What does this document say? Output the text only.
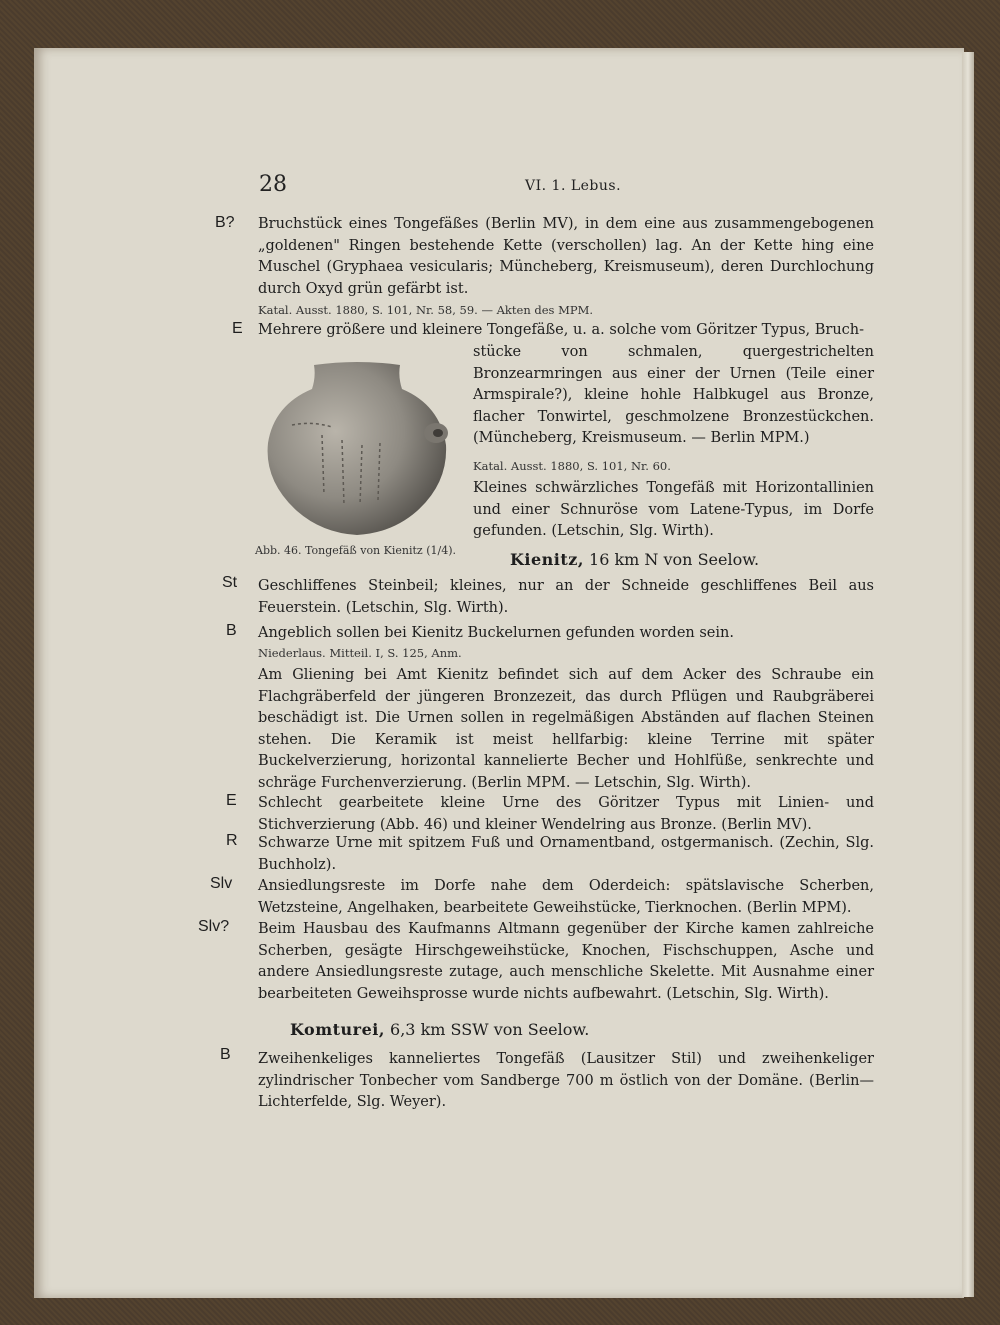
28	VI. 1. Lebus.
B? Bruchstück eines Tongefäßes (Berlin MV), in dem eine aus zusammengebogenen „goldenen" Ringen bestehende Kette (verschollen) lag. An der Kette hing eine Muschel (Gryphaea vesicularis; Müncheberg, Kreismuseum), deren Durchlochung durch Oxyd grün gefärbt ist.

Katal. Ausst. 1880, S. 101, Nr. 58, 59. — Akten des MPM.

E Mehrere größere und kleinere Tongefäße, u. a. solche vom Göritzer Typus, Bruch-

stücke von schmalen, quergestrichelten Bronzearmringen aus einer der Urnen (Teile einer Armspirale?), kleine hohle Halbkugel aus Bronze, flacher Tonwirtel, geschmolzene Bronzestückchen. (Müncheberg, Kreismuseum. — Berlin MPM.)

Katal. Ausst. 1880, S. 101, Nr. 60.

Kleines schwärzliches Tongefäß mit Horizontallinien und einer Schnuröse vom Latene-Typus, im Dorfe gefunden. (Letschin, Slg. Wirth).

Abb. 46. Tongefäß von Kienitz (1/4).	Kienitz, 16 km N von Seelow.

St Geschliffenes Steinbeil; kleines, nur an der Schneide geschliffenes Beil aus Feuerstein. (Letschin, Slg. Wirth).

B Angeblich sollen bei Kienitz Buckelurnen gefunden worden sein.

Niederlaus. Mitteil. I, S. 125, Anm.

Am Gliening bei Amt Kienitz befindet sich auf dem Acker des Schraube ein Flachgräberfeld der jüngeren Bronzezeit, das durch Pflügen und Raubgräberei beschädigt ist. Die Urnen sollen in regelmäßigen Abständen auf flachen Steinen stehen. Die Keramik ist meist hellfarbig: kleine Terrine mit später Buckelverzierung, horizontal kannelierte Becher und Hohlfüße, senkrechte und schräge Furchenverzierung. (Berlin MPM. — Letschin, Slg. Wirth).

E Schlecht gearbeitete kleine Urne des Göritzer Typus mit Linien- und Stichverzierung (Abb. 46) und kleiner Wendelring aus Bronze. (Berlin MV).

R Schwarze Urne mit spitzem Fuß und Ornamentband, ostgermanisch. (Zechin, Slg. Buchholz).

Slv Ansiedlungsreste im Dorfe nahe dem Oderdeich: spätslavische Scherben, Wetzsteine, Angelhaken, bearbeitete Geweihstücke, Tierknochen. (Berlin MPM).

Slv? Beim Hausbau des Kaufmanns Altmann gegenüber der Kirche kamen zahlreiche Scherben, gesägte Hirschgeweihstücke, Knochen, Fischschuppen, Asche und andere Ansiedlungsreste zutage, auch menschliche Skelette. Mit Ausnahme einer bearbeiteten Geweihsprosse wurde nichts aufbewahrt. (Letschin, Slg. Wirth).

Komturei, 6,3 km SSW von Seelow.

B Zweihenkeliges kanneliertes Tongefäß (Lausitzer Stil) und zweihenkeliger zylindrischer Tonbecher vom Sandberge 700 m östlich von der Domäne. (Berlin—Lichterfelde, Slg. Weyer).
